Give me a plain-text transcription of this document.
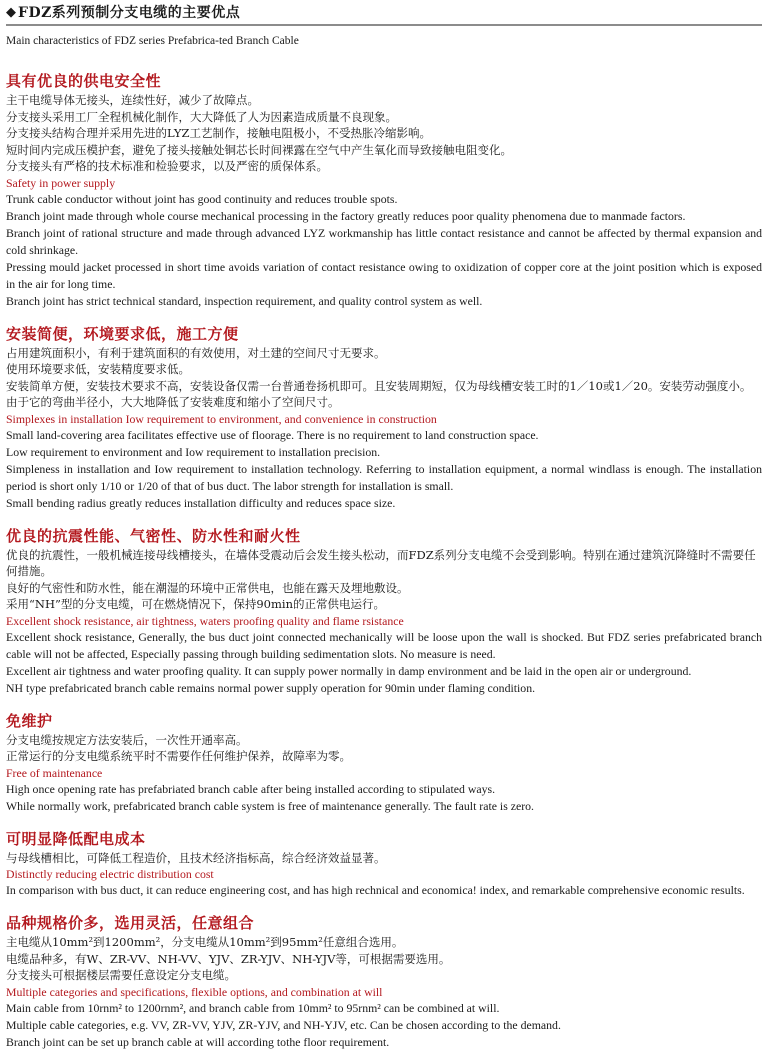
◆ FDZ系列预制分支电缆的主要优点
Main characteristics of FDZ series Prefabrica-ted Branch Cable
具有优良的供电安全性
主干电缆导体无接头，连续性好，减少了故障点。
分支接头采用工厂全程机械化制作，大大降低了人为因素造成质量不良现象。
分支接头结构合理并采用先进的LYZ工艺制作，接触电阻极小，不受热胀冷缩影响。
短时间内完成压模护套，避免了接头接触处铜芯长时间裸露在空气中产生氧化而导致接触电阻变化。
分支接头有严格的技术标准和检验要求，以及严密的质保体系。
Safety in power supply
Trunk cable conductor without joint has good continuity and reduces trouble spots.
Branch joint made through whole course mechanical processing in the factory greatly reduces poor quality phenomena due to manmade factors.
Branch joint of rational structure and made through advanced LYZ workmanship has little contact resistance and cannot be affected by thermal expansion and cold shrinkage.
Pressing mould jacket processed in short time avoids variation of contact resistance owing to oxidization of copper core at the joint position which is exposed in the air for long time.
Branch joint has strict technical standard, inspection requirement, and quality control system as well.
安装简便，环境要求低，施工方便
占用建筑面积小，有利于建筑面积的有效使用，对土建的空间尺寸无要求。
使用环境要求低，安装精度要求低。
安装简单方便，安装技术要求不高，安装设备仅需一台普通卷扬机即可。且安装周期短，仅为母线槽安装工时的1／10或1／20。安装劳动强度小。
由于它的弯曲半径小，大大地降低了安装难度和缩小了空间尺寸。
Simplexes in installation Iow requirement to environment, and convenience in construction
Small land-covering area facilitates effective use of floorage. There is no requirement to land construction space.
Low requirement to environment and Iow requirement to installation precision.
Simpleness in installation and Iow requirement to installation technology. Referring to installation equipment, a normal windlass is enough. The installation period is short only 1/10 or 1/20 of that of bus duct. The labor strength for installation is small.
Small bending radius greatly reduces installation difficulty and reduces space size.
优良的抗震性能、气密性、防水性和耐火性
优良的抗震性，一般机械连接母线槽接头，在墙体受震动后会发生接头松动，而FDZ系列分支电缆不会受到影响。特别在通过建筑沉降缝时不需要任何措施。
良好的气密性和防水性，能在潮湿的环境中正常供电，也能在露天及埋地敷设。
采用“NH”型的分支电缆，可在燃烧情况下，保持90min的正常供电运行。
Excellent shock resistance, air tightness, waters proofing quality and flame rsistance
Excellent shock resistance, Generally, the bus duct joint connected mechanically will be loose upon the wall is shocked. But FDZ series prefabricated branch cable will not be affected, Especially passing through building sedimentation slots. No measure is need.
Excellent air tightness and water proofing quality. It can supply power normally in damp environment and be laid in the open air or underground.
NH type prefabricated branch cable remains normal power supply operation for 90min under flaming condition.
免维护
分支电缆按规定方法安装后，一次性开通率高。
正常运行的分支电缆系统平时不需要作任何维护保养，故障率为零。
Free of maintenance
High once opening rate has prefabriated branch cable after being installed according to stipulated ways.
While normally work, prefabricated branch cable system is free of maintenance generally. The fault rate is zero.
可明显降低配电成本
与母线槽相比，可降低工程造价，且技术经济指标高，综合经济效益显著。
Distinctly reducing electric distribution cost
In comparison with bus duct, it can reduce engineering cost, and has high rechnical and economica! index, and remarkable comprehensive economic results.
品种规格价多，选用灵活，任意组合
主电缆从10mm²到1200mm²，分支电缆从10mm²到95mm²任意组合选用。
电缆品种多，有W、ZR-VV、NH-VV、YJV、ZR-YJV、NH-YJV等，可根据需要选用。
分支接头可根据楼层需要任意设定分支电缆。
Multiple categories and specifications, flexible options, and combination at will
Main cable from 10rnm² to 1200rnm², and branch cable from 10mm² to 95rnm² can be combined at will.
Multiple cable categories, e.g. VV, ZR-VV, YJV, ZR-YJV, and NH-YJV, etc. Can be chosen according to the demand.
Branch joint can be set up branch cable at will according tothe floor requirement.
